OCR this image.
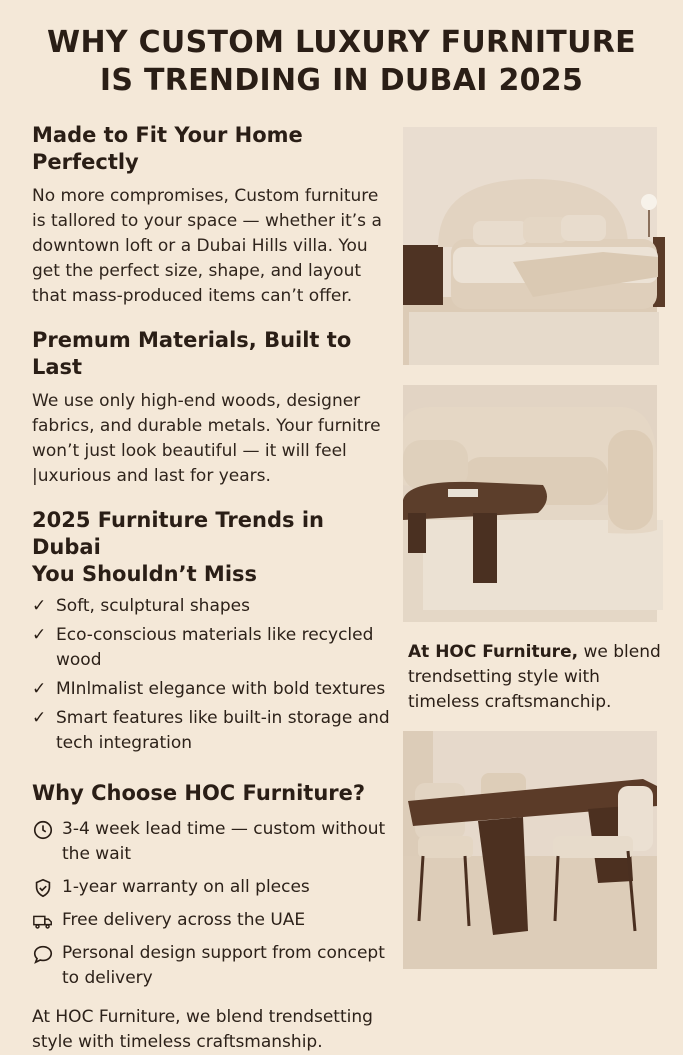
WHY CUSTOM LUXURY FURNITURE
IS TRENDING IN DUBAI 2025
Made to Fit Your Home Perfectly

No more compromises, Custom furniture is tallored to your space — whether it’s a downtown loft or a Dubai Hills villa. You get the perfect size, shape, and layout that mass-produced items can’t offer.

Premum Materials, Built to Last

We use only high-end woods, designer fabrics, and durable metals. Your furnitre won’t just look beautiful — it will feel |uxurious and last for years.

2025 Furniture Trends in Dubai
You Shouldn’t Miss
✓ Soft, sculptural shapes
✓ Eco-conscious materials like recycled wood
✓ MInlmalist elegance with bold textures
✓ Smart features like built-in storage and tech integration
Why Choose HOC Furniture?
3-4 week lead time — custom without the wait
1-year warranty on all pleces
Free delivery across the UAE
Personal design support from concept to delivery

At HOC Furniture, we blend trendsetting style with timeless craftsmanship.

At HOC Furniture, we blend trendsetting style with timeless craftsmanchip.
